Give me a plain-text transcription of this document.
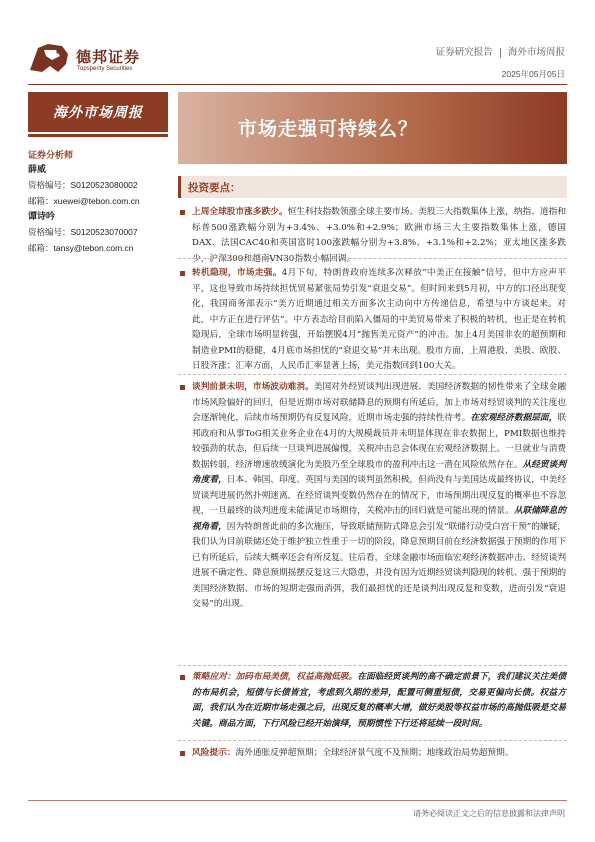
德邦证券
Topsperity Securities
证券研究报告 | 海外市场周报
2025年05月05日
海外市场周报
证券分析师
薛威
资格编号：S0120523080002
邮箱：xuewei@tebon.com.cn
谭诗吟
资格编号：S0120523070007
邮箱：tansy@tebon.com.cn
市场走强可持续么？
投资要点：
上周全球股市涨多跌少。恒生科技指数领涨全球主要市场。美股三大指数集体上涨，纳指、道指和标普500涨跌幅分别为+3.4%、+3.0%和+2.9%；欧洲市场三大主要指数集体上涨，德国DAX、法国CAC40和英国富时100涨跌幅分别为+3.8%、+3.1%和+2.2%；亚太地区涨多跌少，沪深300和越南VN30指数小幅回调。
转机隐现，市场走强。4月下旬，特朗普政府连续多次释放“中美正在接触”信号，但中方应声平平，这也导致市场持续担忧贸易紧张局势引发“衰退交易”。但时间来到5月初，中方的口径出现变化，我国商务部表示“美方近期通过相关方面多次主动向中方传递信息，希望与中方谈起来。对此，中方正在进行评估”。中方表态给目前陷入僵局的中美贸易带来了积极的转机，也正是在转机隐现后，全球市场明显转强，开始摆脱4月“抛售美元资产”的冲击。加上4月美国非农的超预期和制造业PMI的稳健，4月底市场担忧的“衰退交易”并未出现。股市方面，上周港股、美股、欧股、日股齐涨；汇率方面，人民币汇率显著上扬，美元指数回到100大关。
谈判前景未明，市场波动难消。美国对外经贸谈判出现进展、美国经济数据的韧性带来了全球金融市场风险偏好的回归，但是近期市场对联储降息的预期有所延后，加上市场对经贸谈判的关注度也会逐渐钝化，后续市场预期仍有反复风险，近期市场走强的持续性待考。在宏观经济数据层面，联邦政府和从事ToG相关业务企业在4月的大规模裁员并未明显体现在非农数据上，PMI数据也维持较强劲的状态，但后续一旦谈判进展偏慢，关税冲击总会体现在宏观经济数据上。一旦就业与消费数据转弱，经济增速放缓演化为美股乃至全球股市的盈利冲击这一潜在风险依然存在。从经贸谈判角度看，日本、韩国、印度、英国与美国的谈判虽然积极，但尚没有与美国达成最终协议，中美经贸谈判进展仍然扑朔迷离，在经贸谈判变数仍然存在的情况下，市场预期出现反复的概率也不容忽视，一旦最终的谈判进度未能满足市场期待，关税冲击的回归就是可能出现的情景。从联储降息的视角看，因为特朗普此前的多次施压，导致联储预防式降息会引发“联储行动受白宫干预”的嫌疑，我们认为目前联储还处于维护独立性重于一切的阶段，降息预期目前在经济数据强于预期的作用下已有所延后，后续大概率还会有所反复。往后看，全球金融市场面临宏观经济数据冲击、经贸谈判进展不确定性、降息预期摇摆反复这三大隐患，并没有因为近期经贸谈判隐现的转机、强于预期的美国经济数据、市场的短期走强而消弭，我们最担忧的还是谈判出现反复和变数，进而引发“衰退交易”的出现。
策略应对：加码布局美债，权益高抛低吸。在面临经贸谈判的高不确定前景下，我们建议关注美债的布局机会，短债与长债皆宜，考虑到久期的差异，配置可侧重短债，交易更偏向长债。权益方面，我们认为在近期市场走强之后，出现反复的概率大增，做好美股等权益市场的高抛低吸是交易关键。商品方面，下行风险已经开始演绎，预期惯性下行还将延续一段时间。
风险提示：海外通胀反弹超预期；全球经济景气度不及预期；地缘政治局势超预期。
请务必阅读正文之后的信息披露和法律声明
